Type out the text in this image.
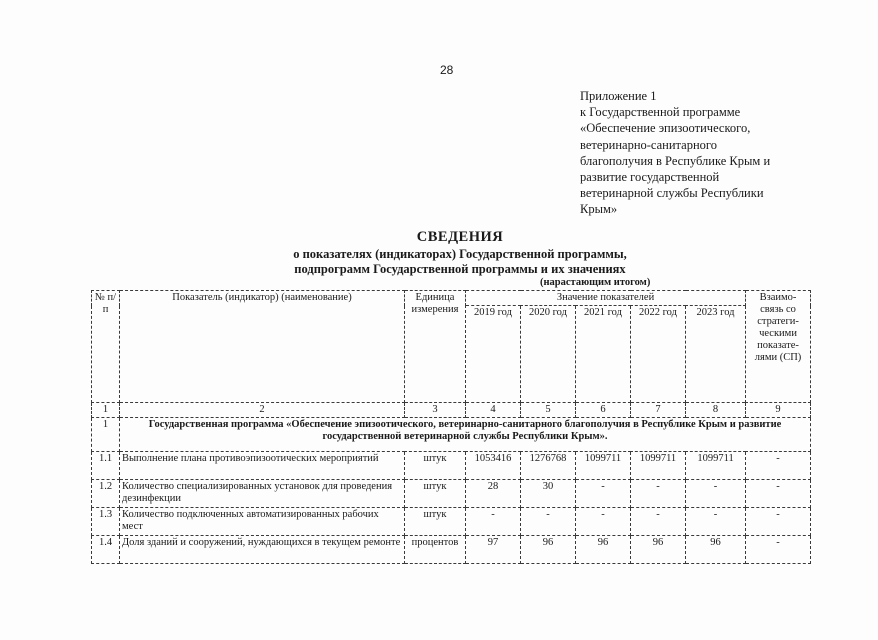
28
Приложение 1
к Государственной программе
«Обеспечение эпизоотического,
ветеринарно-санитарного
благополучия в Республике Крым и
развитие государственной
ветеринарной службы Республики
Крым»
СВЕДЕНИЯ
о показателях (индикаторах) Государственной программы,
подпрограмм Государственной программы и их значениях
(нарастающим итогом)
№ п/п	Показатель (индикатор) (наименование)	Единица измерения	Значение показателей					Взаимо-связь со стратеги-ческими показате-лями (СП)
			2019 год	2020 год	2021 год	2022 год	2023 год	
1	2	3	4	5	6	7	8	9
1	Государственная программа «Обеспечение эпизоотического, ветеринарно-санитарного благополучия в Республике Крым и развитие государственной ветеринарной службы Республики Крым».							
1.1	Выполнение плана противоэпизоотических мероприятий	штук	1053416	1276768	1099711	1099711	1099711	-
1.2	Количество специализированных установок для проведения дезинфекции	штук	28	30	-	-	-	-
1.3	Количество подключенных автоматизированных рабочих мест	штук	-	-	-	-	-	-
1.4	Доля зданий и сооружений, нуждающихся в текущем ремонте	процентов	97	96	96	96	96	-
